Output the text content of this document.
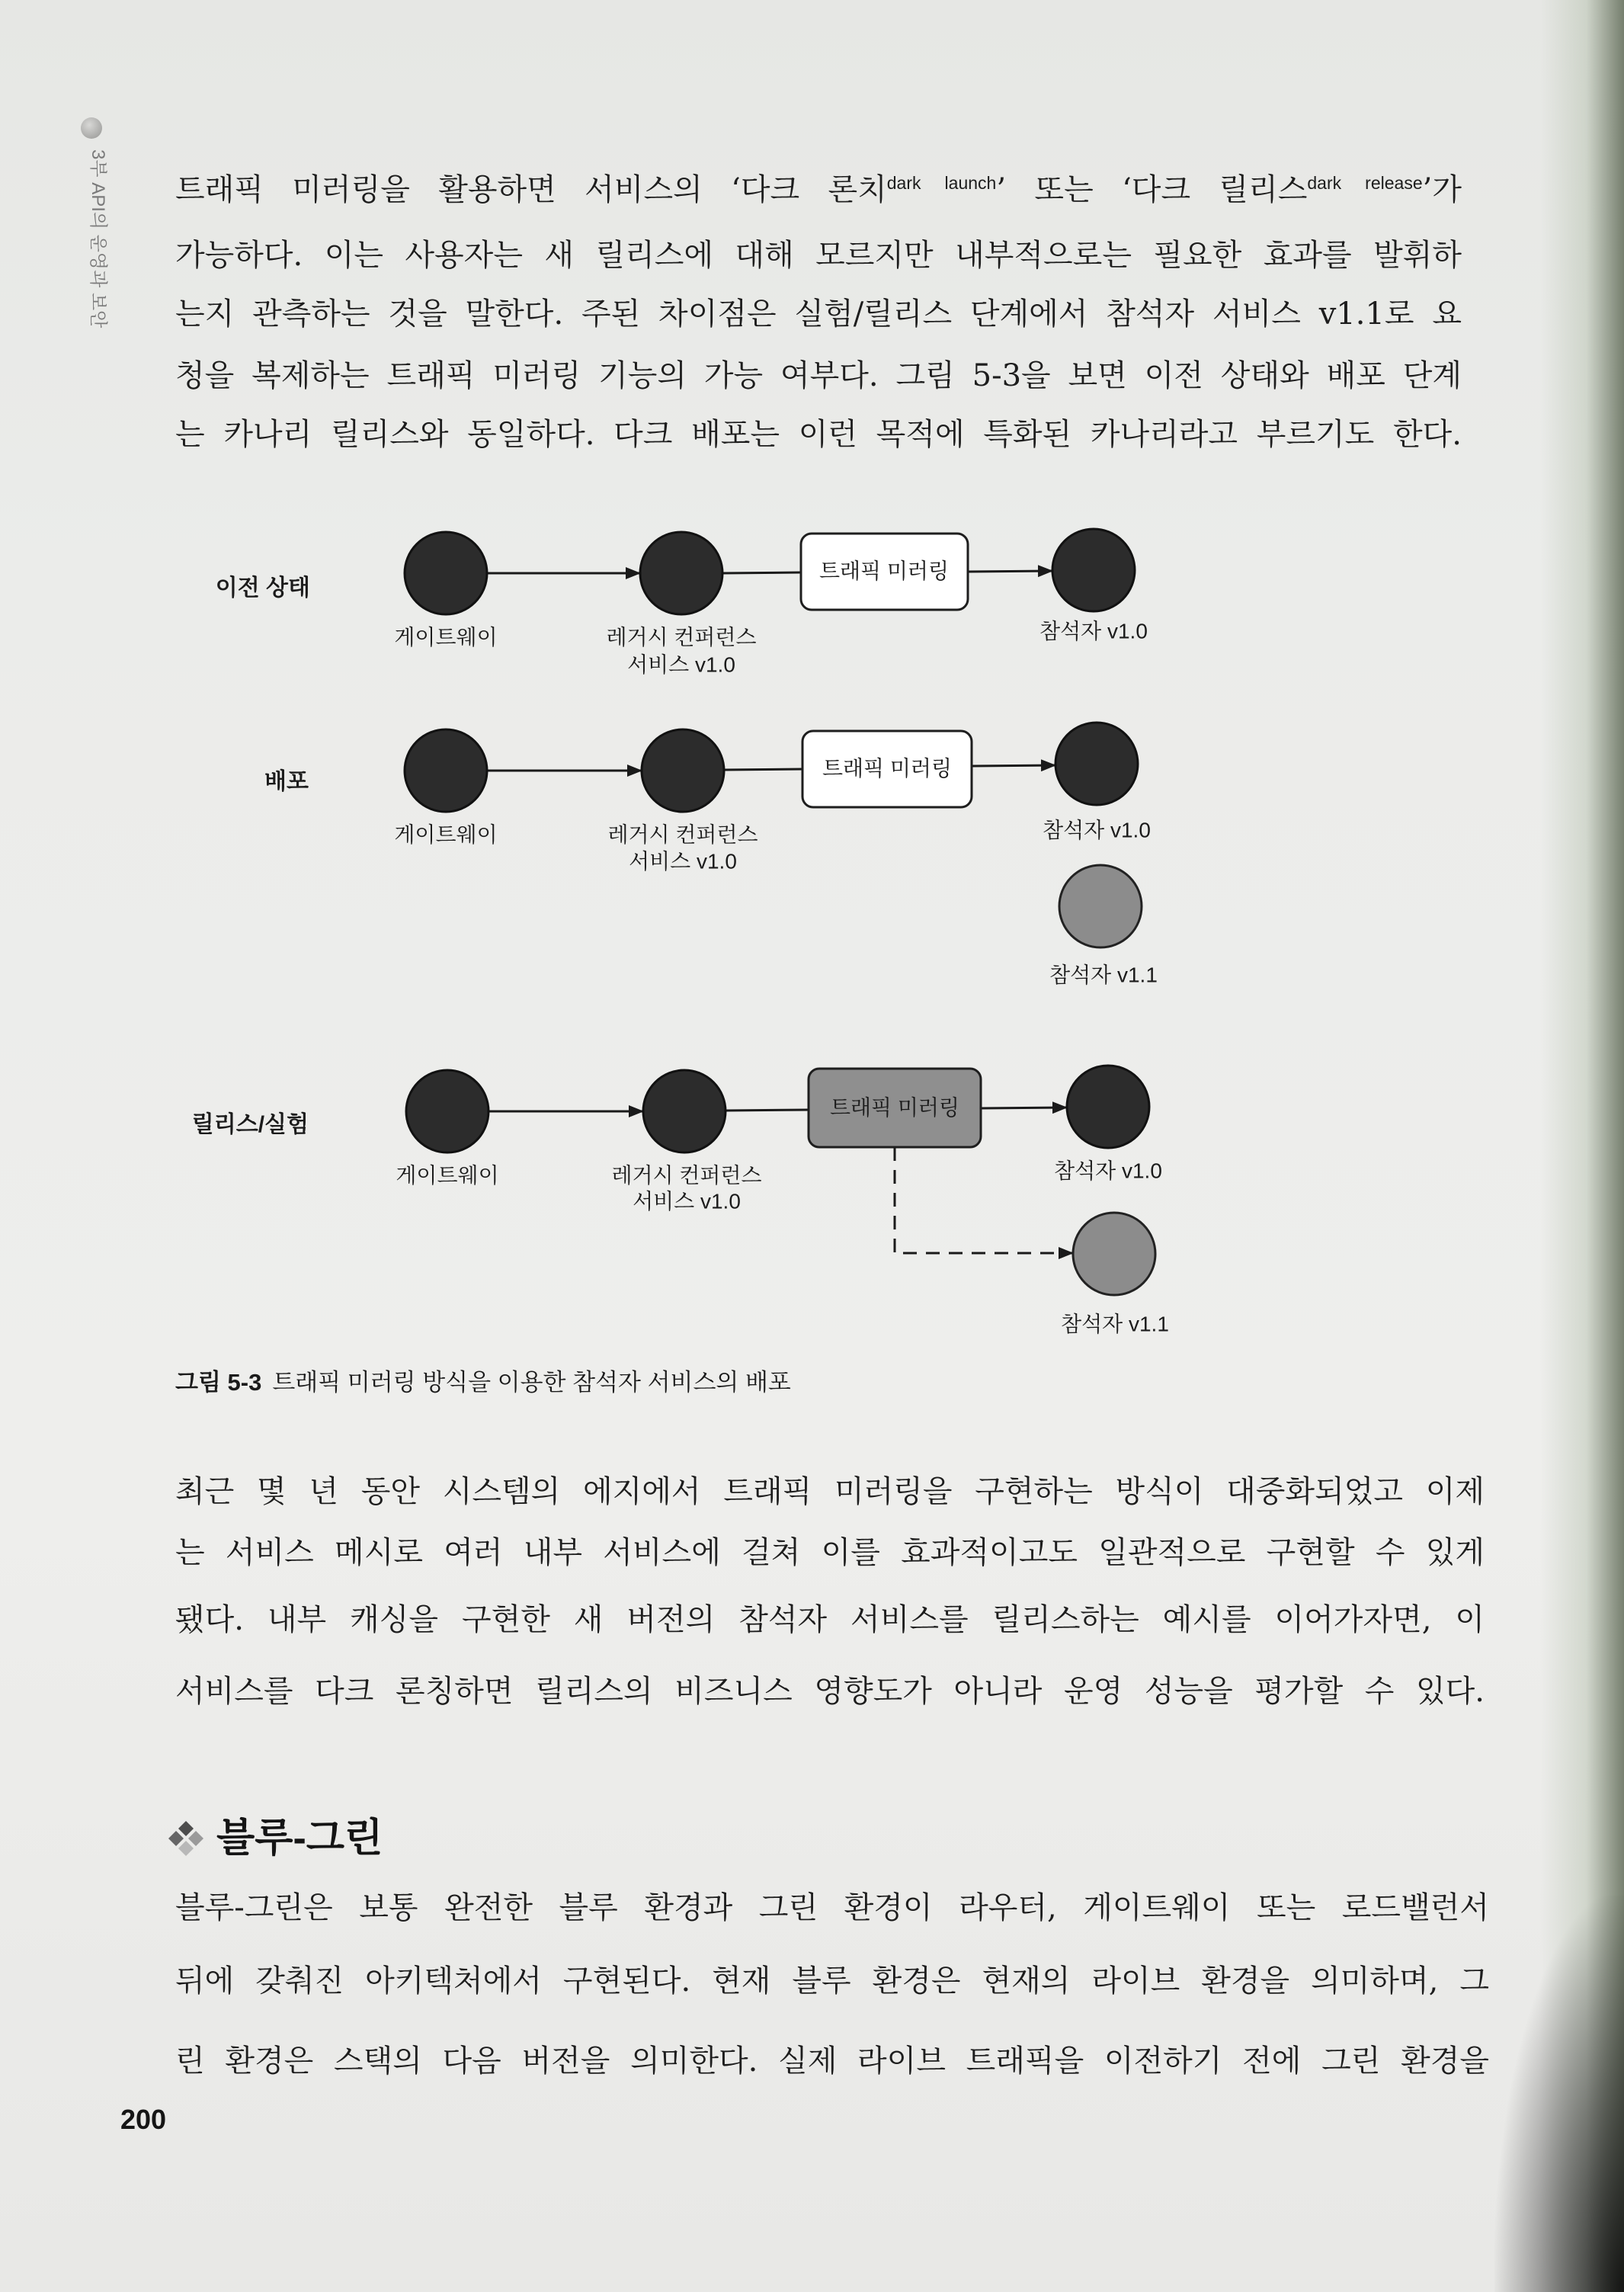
3부 API의 운영과 보안 트래픽 미러링을 활용하면 서비스의 ‘다크 론치$^{dark launch}$’ 또는 ‘다크 릴리스$^{dark release}$’가
가능하다. 이는 사용자는 새 릴리스에 대해 모르지만 내부적으로는 필요한 효과를 발휘하
는지 관측하는 것을 말한다. 주된 차이점은 실험/릴리스 단계에서 참석자 서비스 v1.1로 요
청을 복제하는 트래픽 미러링 기능의 가능 여부다. 그림 5-3을 보면 이전 상태와 배포 단계
는 카나리 릴리스와 동일하다. 다크 배포는 이런 목적에 특화된 카나리라고 부르기도 한다.
이전 상태
트래픽 미러링
게이트웨이	레거시 컨퍼런스
서비스 v1.0
참석자 v1.0
배포
트래픽 미러링
게이트웨이	레거시 컨퍼런스
서비스 v1.0
참석자 v1.0
참석자 v1.1
릴리스/실험
트래픽 미러링
게이트웨이	레거시 컨퍼런스
서비스 v1.0
참석자 v1.0
참석자 v1.1
그림 5-3 트래픽 미러링 방식을 이용한 참석자 서비스의 배포
최근 몇 년 동안 시스템의 에지에서 트래픽 미러링을 구현하는 방식이 대중화되었고 이제
는 서비스 메시로 여러 내부 서비스에 걸쳐 이를 효과적이고도 일관적으로 구현할 수 있게
됐다. 내부 캐싱을 구현한 새 버전의 참석자 서비스를 릴리스하는 예시를 이어가자면, 이
서비스를 다크 론칭하면 릴리스의 비즈니스 영향도가 아니라 운영 성능을 평가할 수 있다.
블루-그린
블루-그린은 보통 완전한 블루 환경과 그린 환경이 라우터, 게이트웨이 또는 로드밸런서
뒤에 갖춰진 아키텍처에서 구현된다. 현재 블루 환경은 현재의 라이브 환경을 의미하며, 그
린 환경은 스택의 다음 버전을 의미한다. 실제 라이브 트래픽을 이전하기 전에 그린 환경을
200
